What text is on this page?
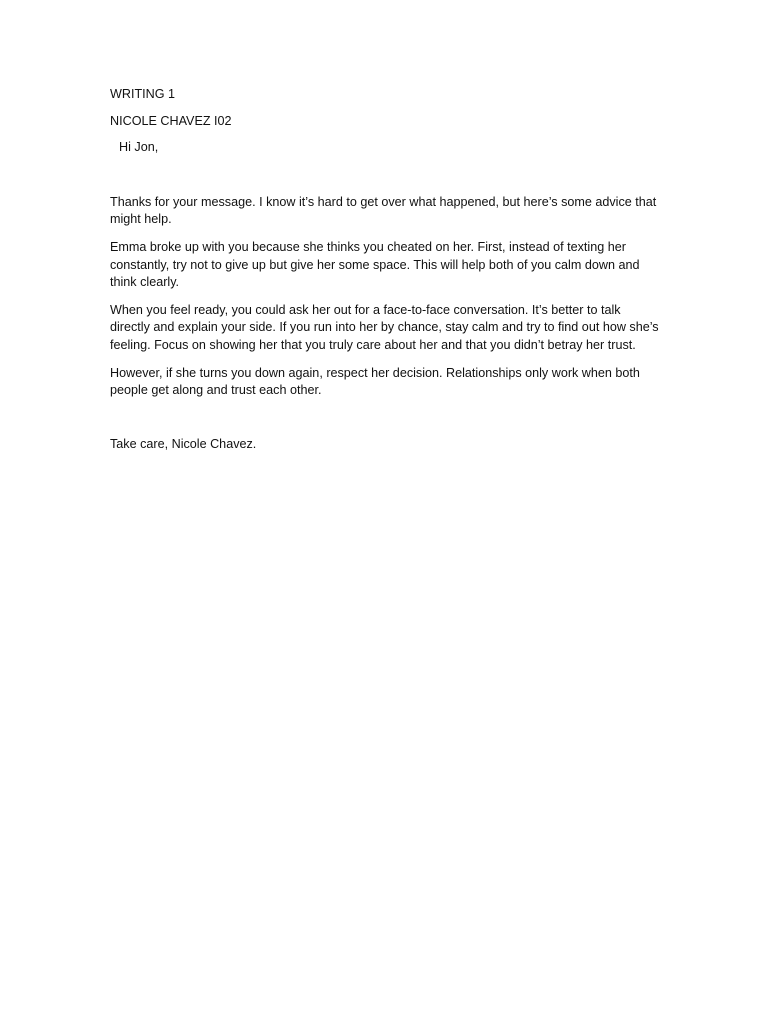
WRITING 1

NICOLE CHAVEZ I02

Hi Jon,

Thanks for your message. I know it’s hard to get over what happened, but here’s some advice that might help.

Emma broke up with you because she thinks you cheated on her. First, instead of texting her constantly, try not to give up but give her some space. This will help both of you calm down and think clearly.

When you feel ready, you could ask her out for a face-to-face conversation. It’s better to talk directly and explain your side. If you run into her by chance, stay calm and try to find out how she’s feeling. Focus on showing her that you truly care about her and that you didn’t betray her trust.

However, if she turns you down again, respect her decision. Relationships only work when both people get along and trust each other.

Take care, Nicole Chavez.
